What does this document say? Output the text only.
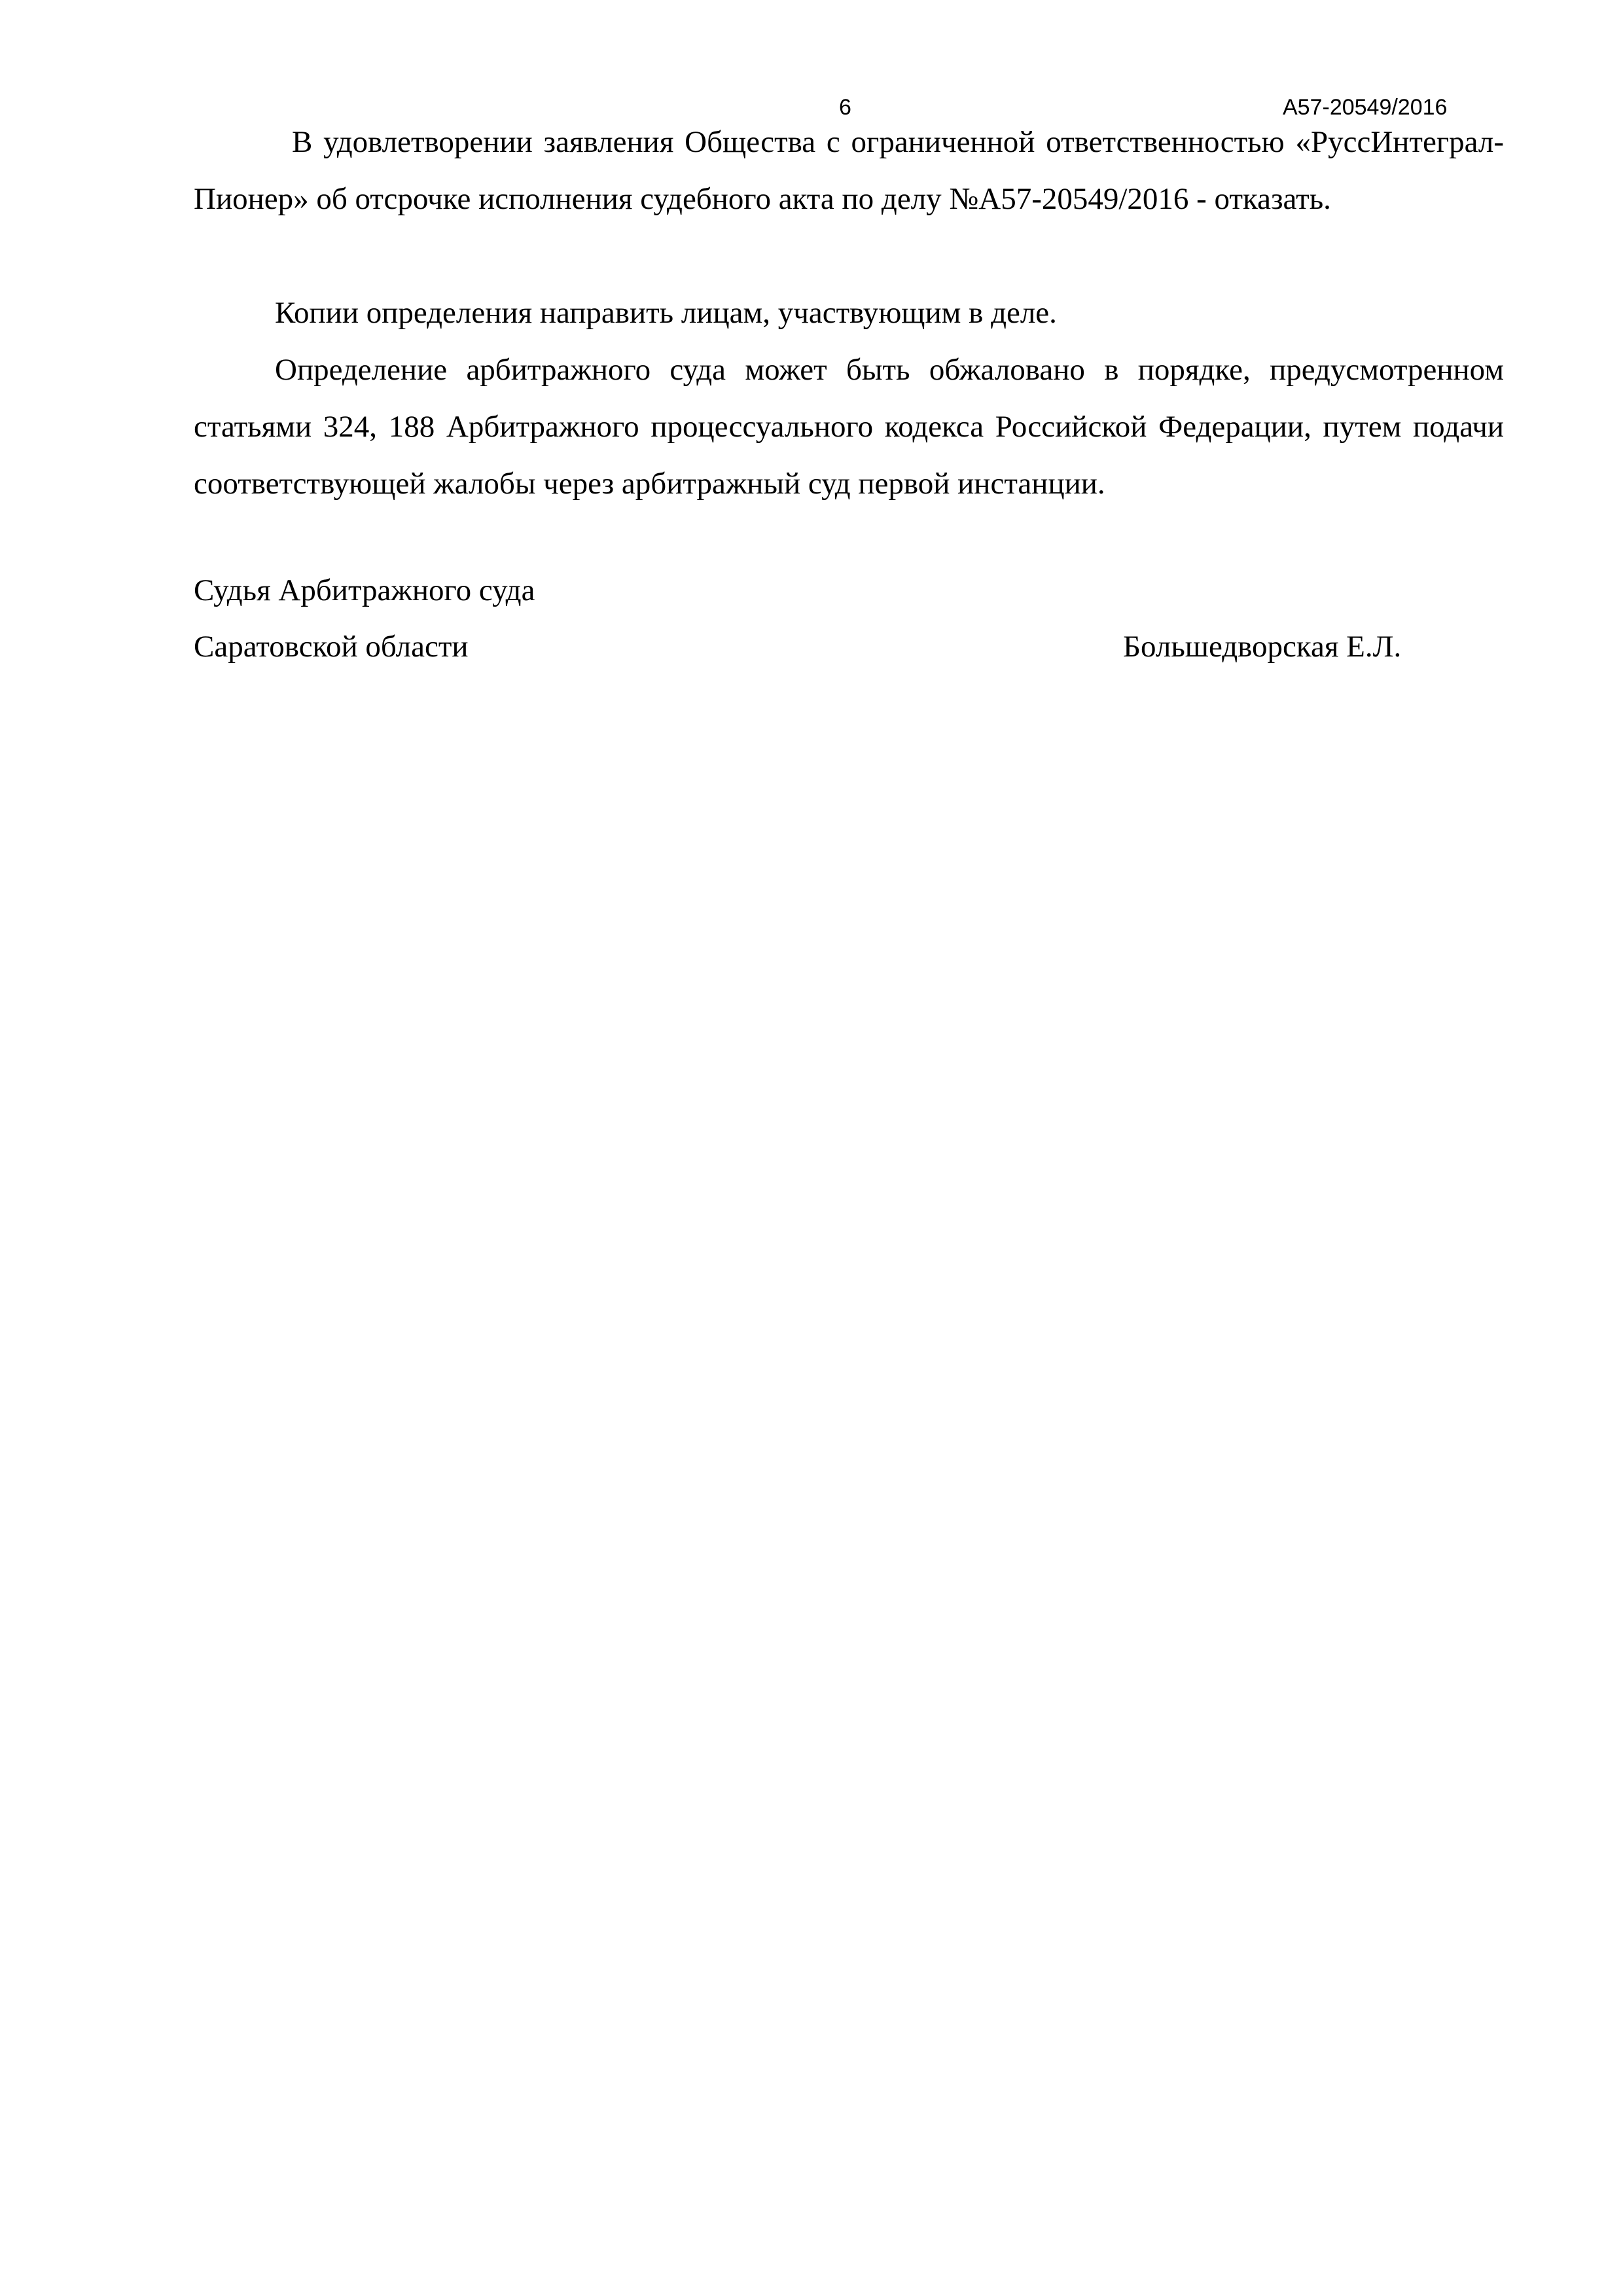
6	А57-20549/2016

В удовлетворении заявления Общества с ограниченной ответственностью «РуссИнтеграл-Пионер» об отсрочке исполнения судебного акта по делу №А57-20549/2016 - отказать.

Копии определения направить лицам, участвующим в деле.

Определение арбитражного суда может быть обжаловано в порядке, предусмотренном статьями 324, 188 Арбитражного процессуального кодекса Российской Федерации, путем подачи соответствующей жалобы через арбитражный суд первой инстанции.

Судья Арбитражного суда

Саратовской области	Большедворская Е.Л.
